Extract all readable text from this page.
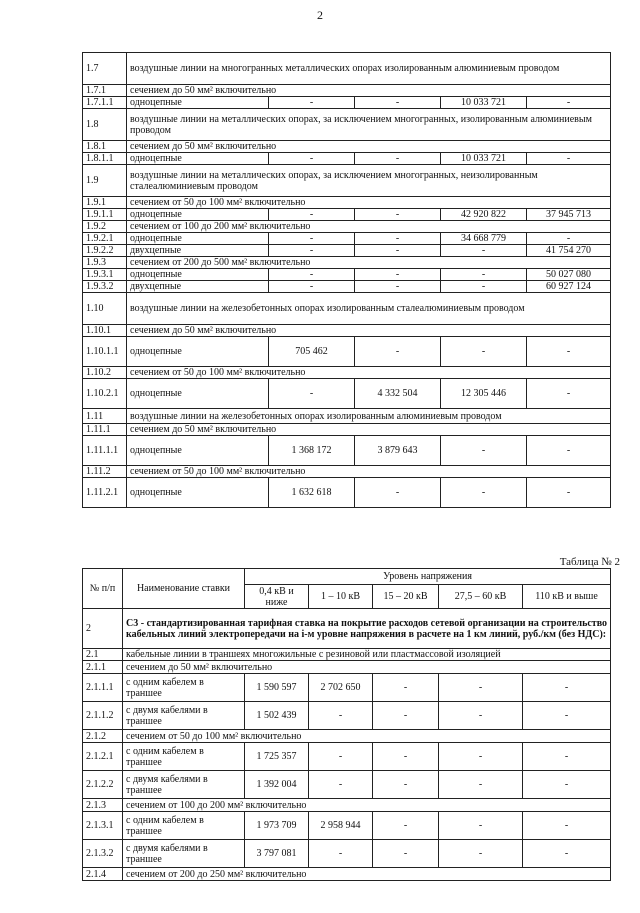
2
1.7	воздушные линии на многогранных металлических опорах изолированным алюминиевым проводом				
1.7.1	сечением до 50 мм² включительно				
1.7.1.1	одноцепные	-	-	10 033 721	-
1.8	воздушные линии на металлических опорах, за исключением многогранных, изолированным алюминиевым проводом				
1.8.1	сечением до 50 мм² включительно				
1.8.1.1	одноцепные	-	-	10 033 721	-
1.9	воздушные линии на металлических опорах, за исключением многогранных, неизолированным сталеалюминиевым проводом				
1.9.1	сечением от 50 до 100 мм² включительно				
1.9.1.1	одноцепные	-	-	42 920 822	37 945 713
1.9.2	сечением от 100 до 200 мм² включительно				
1.9.2.1	одноцепные	-	-	34 668 779	-
1.9.2.2	двухцепные	-	-	-	41 754 270
1.9.3	сечением от 200 до 500 мм² включительно				
1.9.3.1	одноцепные	-	-	-	50 027 080
1.9.3.2	двухцепные	-	-	-	60 927 124
1.10	воздушные линии на железобетонных опорах изолированным сталеалюминиевым проводом				
1.10.1	сечением до 50 мм² включительно				
1.10.1.1	одноцепные	705 462	-	-	-
1.10.2	сечением от 50 до 100 мм² включительно				
1.10.2.1	одноцепные	-	4 332 504	12 305 446	-
1.11	воздушные линии на железобетонных опорах изолированным алюминиевым проводом				
1.11.1	сечением до 50 мм² включительно				
1.11.1.1	одноцепные	1 368 172	3 879 643	-	-
1.11.2	сечением от 50 до 100 мм² включительно				
1.11.2.1	одноцепные	1 632 618	-	-	-
Таблица № 2
№ п/п	Наименование ставки	Уровень напряжения				
		0,4 кВ и ниже	1 – 10 кВ	15 – 20 кВ	27,5 – 60 кВ	110 кВ и выше
2	С3 - стандартизированная тарифная ставка на покрытие расходов сетевой организации на строительство кабельных линий электропередачи на i-м уровне напряжения в расчете на 1 км линий, руб./км (без НДС):					
2.1	кабельные линии в траншеях многожильные с резиновой или пластмассовой изоляцией					
2.1.1	сечением до 50 мм² включительно					
2.1.1.1	с одним кабелем в траншее	1 590 597	2 702 650	-	-	-
2.1.1.2	с двумя кабелями в траншее	1 502 439	-	-	-	-
2.1.2	сечением от 50 до 100 мм² включительно					
2.1.2.1	с одним кабелем в траншее	1 725 357	-	-	-	-
2.1.2.2	с двумя кабелями в траншее	1 392 004	-	-	-	-
2.1.3	сечением от 100 до 200 мм² включительно					
2.1.3.1	с одним кабелем в траншее	1 973 709	2 958 944	-	-	-
2.1.3.2	с двумя кабелями в траншее	3 797 081	-	-	-	-
2.1.4	сечением от 200 до 250 мм² включительно					
